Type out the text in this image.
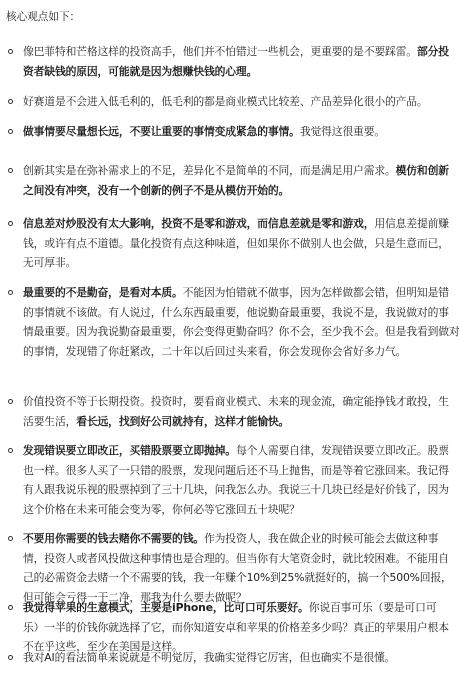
核心观点如下：
像巴菲特和芒格这样的投资高手，他们并不怕错过一些机会，更重要的是不要踩雷。部分投
资者缺钱的原因，可能就是因为想赚快钱的心理。
好赛道是不会进入低毛利的，低毛利的都是商业模式比较差、产品差异化很小的产品。
做事情要尽量想长远，不要让重要的事情变成紧急的事情。我觉得这很重要。
创新其实是在弥补需求上的不足，差异化不是简单的不同，而是满足用户需求。模仿和创新
之间没有冲突，没有一个创新的例子不是从模仿开始的。
信息差对炒股没有太大影响，投资不是零和游戏，而信息差就是零和游戏，用信息差提前赚
钱，或许有点不道德。量化投资有点这种味道，但如果你不做别人也会做，只是生意而已，
无可厚非。
最重要的不是勤奋，是看对本质。不能因为怕错就不做事，因为怎样做都会错，但明知是错
的事情就不该做。有人说过，什么东西最重要，他说勤奋最重要，我说不是，我说做对的事
情最重要。因为我说勤奋最重要，你会变得更勤奋吗？你不会，至少我不会。但是我看到做对
的事情，发现错了你赶紧改，二十年以后回过头来看，你会发现你会省好多力气。
价值投资不等于长期投资。投资时，要看商业模式、未来的现金流，确定能挣钱才敢投，生
活要生活，看长远，找到好公司就持有，这样才能愉快。
发现错误要立即改正，买错股票要立即抛掉。每个人需要自律，发现错误要立即改正。股票
也一样。很多人买了一只错的股票，发现问题后还不马上抛售，而是等着它涨回来。我记得
有人跟我说乐视的股票掉到了三十几块，问我怎么办。我说三十几块已经是好价钱了，因为
这个价格在未来可能会变为零，你何必等它涨回五十块呢？
不要用你需要的钱去赌你不需要的钱。作为投资人，我在做企业的时候可能会去做这种事
情，投资人或者风投做这种事情也是合理的。但当你有大笔资金时，就比较困难。不能用自
己的必需资金去赌一个不需要的钱，我一年赚个10%到25%就挺好的，搞一个500%回报，
但可能会亏得一干二净，那我为什么要去做呢？
我觉得苹果的生意模式，主要是iPhone，比可口可乐要好。你说百事可乐（要是可口可
乐）一半的价钱你就选择了它，而你知道安卓和苹果的价格差多少吗？真正的苹果用户根本
不在乎这些，至少在美国是这样。
我对AI的看法简单来说就是不明觉厉，我确实觉得它厉害，但也确实不是很懂。
